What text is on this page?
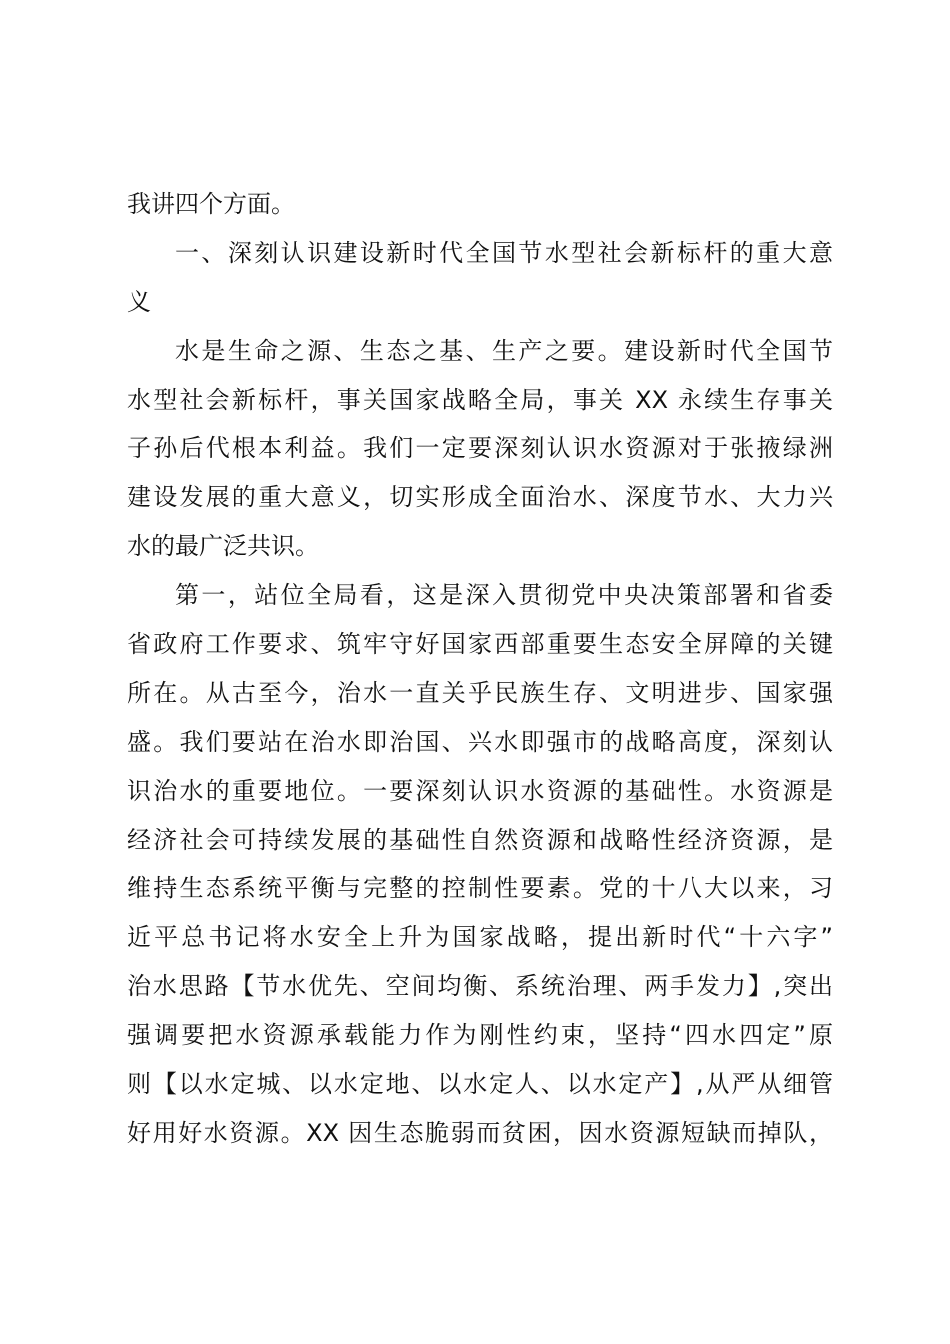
我讲四个方面。
一、深刻认识建设新时代全国节水型社会新标杆的重大意
义
水是生命之源、生态之基、生产之要。建设新时代全国节
水型社会新标杆，事关国家战略全局，事关 XX 永续生存事关
子孙后代根本利益。我们一定要深刻认识水资源对于张掖绿洲
建设发展的重大意义，切实形成全面治水、深度节水、大力兴
水的最广泛共识。
第一，站位全局看，这是深入贯彻党中央决策部署和省委
省政府工作要求、筑牢守好国家西部重要生态安全屏障的关键
所在。从古至今，治水一直关乎民族生存、文明进步、国家强
盛。我们要站在治水即治国、兴水即强市的战略高度，深刻认
识治水的重要地位。一要深刻认识水资源的基础性。水资源是
经济社会可持续发展的基础性自然资源和战略性经济资源，是
维持生态系统平衡与完整的控制性要素。党的十八大以来，习
近平总书记将水安全上升为国家战略，提出新时代“十六字”
治水思路【节水优先、空间均衡、系统治理、两手发力】,突出
强调要把水资源承载能力作为刚性约束，坚持“四水四定”原
则【以水定城、以水定地、以水定人、以水定产】,从严从细管
好用好水资源。XX 因生态脆弱而贫困，因水资源短缺而掉队，
